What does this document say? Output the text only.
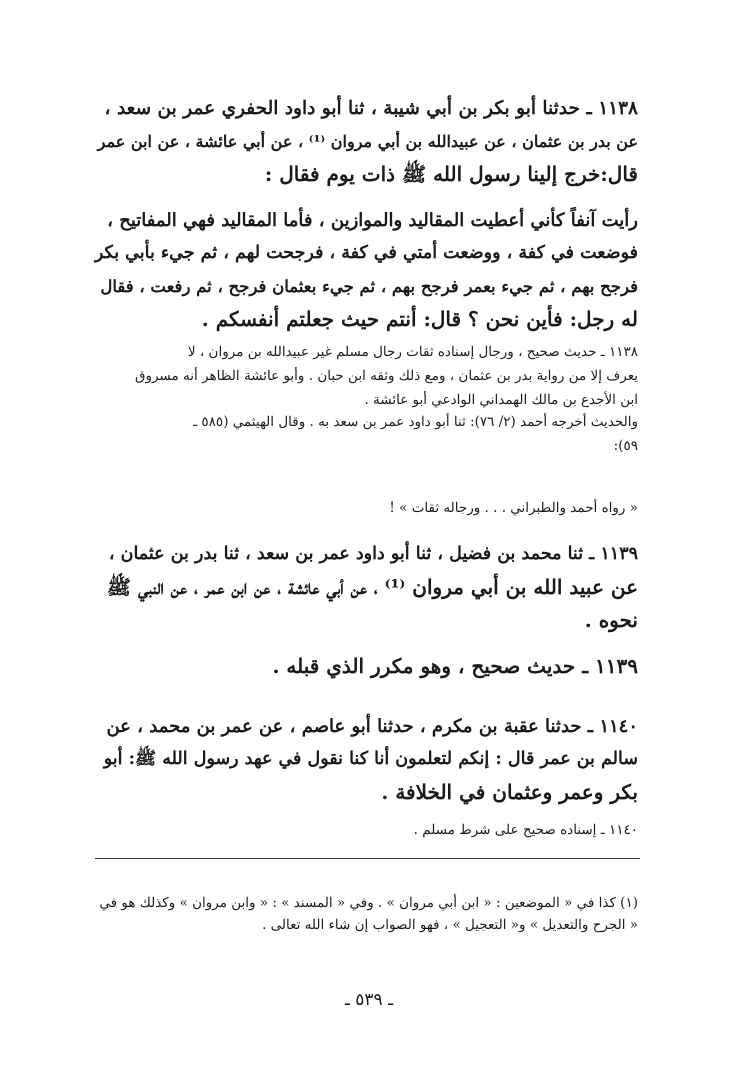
١١٣٨ ـ حدثنا أبو بكر بن أبي شيبة ، ثنا أبو داود الحفري عمر بن سعد ،
عن بدر بن عثمان ، عن عبيدالله بن أبي مروان ⁽¹⁾ ، عن أبي عائشة ، عن ابن عمر
قال:خرج إلينا رسول الله ﷺ ذات يوم فقال :
رأيت آنفاً كأني أعطيت المقاليد والموازين ، فأما المقاليد فهي المفاتيح ،
فوضعت في كفة ، ووضعت أمتي في كفة ، فرجحت لهم ، ثم جيء بأبي بكر
فرجح بهم ، ثم جيء بعمر فرجح بهم ، ثم جيء بعثمان فرجح ، ثم رفعت ، فقال
له رجل: فأين نحن ؟ قال: أنتم حيث جعلتم أنفسكم .
١١٣٨ ـ حديث صحيح ، ورجال إسناده ثقات رجال مسلم غير عبيدالله بن مروان ، لا
يعرف إلا من رواية بدر بن عثمان ، ومع ذلك وثقه ابن حبان . وأبو عائشة الظاهر أنه مسروق
ابن الأجدع بن مالك الهمداني الوادعي أبو عائشة .
والحديث أخرجه أحمد (٢/ ٧٦): ثنا أبو داود عمر بن سعد به . وقال الهيثمي (٥٨٥ ـ
٥٩):
« رواه أحمد والطبراني . . . ورجاله ثقات » !
١١٣٩ ـ ثنا محمد بن فضيل ، ثنا أبو داود عمر بن سعد ، ثنا بدر بن عثمان ،
عن عبيد الله بن أبي مروان ⁽¹⁾ ، عن أبي عائشة ، عن ابن عمر ، عن النبي ﷺ
نحوه .
١١٣٩ ـ حديث صحيح ، وهو مكرر الذي قبله .
١١٤٠ ـ حدثنا عقبة بن مكرم ، حدثنا أبو عاصم ، عن عمر بن محمد ، عن
سالم بن عمر قال : إنكم لتعلمون أنا كنا نقول في عهد رسول الله ﷺ: أبو
بكر وعمر وعثمان في الخلافة .
١١٤٠ ـ إسناده صحيح على شرط مسلم .
(١) كذا في « الموضعين : « ابن أبي مروان » . وفي « المسند » : « وابن مروان » وكذلك هو في
« الجرح والتعديل » و« التعجيل » ، فهو الصواب إن شاء الله تعالى .
ـ ٥٣٩ ـ
